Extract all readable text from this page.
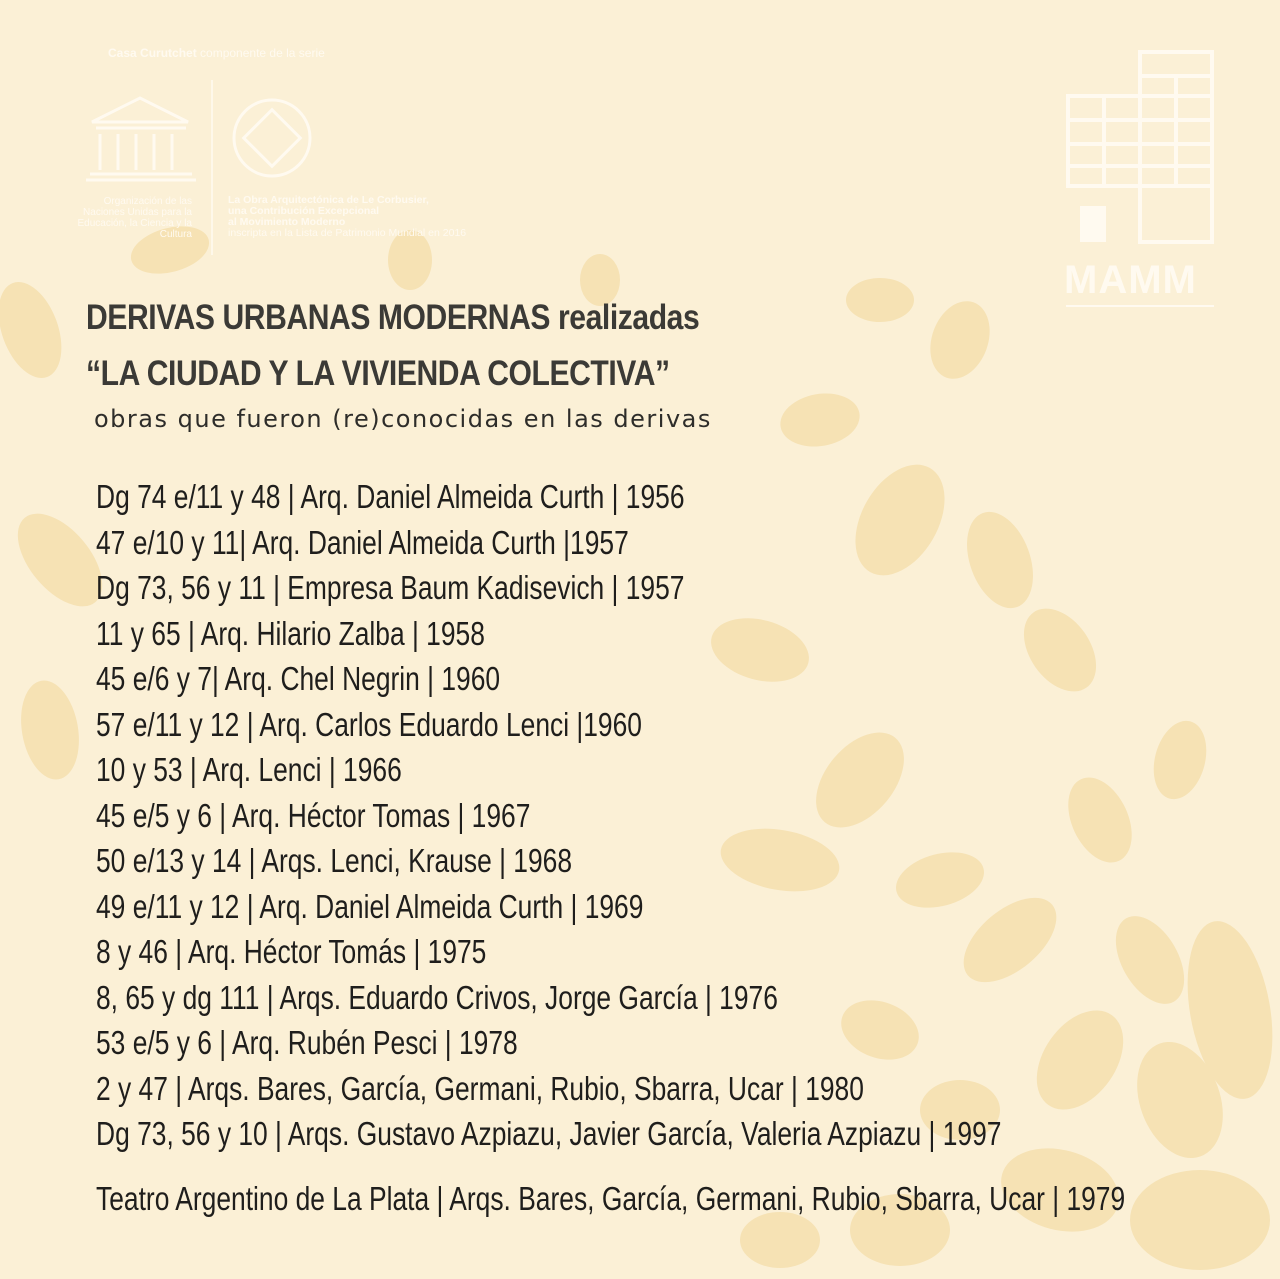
Casa Curutchet componente de la serie
Organización de las Naciones Unidas para la Educación, la Ciencia y la Cultura
La Obra Arquitectónica de Le Corbusier,
una Contribución Excepcional
al Movimiento Moderno
inscripta en la Lista de Patrimonio Mundial en 2016
MAMM
DERIVAS URBANAS MODERNAS realizadas
“LA CIUDAD Y LA VIVIENDA COLECTIVA”
obras que fueron (re)conocidas en las derivas
Dg 74 e/11 y 48 | Arq. Daniel Almeida Curth | 1956
47 e/10 y 11| Arq. Daniel Almeida Curth |1957
Dg 73, 56 y 11 | Empresa Baum Kadisevich | 1957
11 y 65 | Arq. Hilario Zalba | 1958
45 e/6 y 7| Arq. Chel Negrin | 1960
57 e/11 y 12 | Arq. Carlos Eduardo Lenci |1960
10 y 53 | Arq. Lenci | 1966
45 e/5 y 6 | Arq. Héctor Tomas | 1967
50 e/13 y 14 | Arqs. Lenci, Krause | 1968
49 e/11 y 12 | Arq. Daniel Almeida Curth | 1969
8 y 46 | Arq. Héctor Tomás | 1975
8, 65 y dg 111 | Arqs. Eduardo Crivos, Jorge García | 1976
53 e/5 y 6 | Arq. Rubén Pesci | 1978
2 y 47 | Arqs. Bares, García, Germani, Rubio, Sbarra, Ucar | 1980
Dg 73, 56 y 10 | Arqs. Gustavo Azpiazu, Javier García, Valeria Azpiazu | 1997
Teatro Argentino de La Plata | Arqs. Bares, García, Germani, Rubio, Sbarra, Ucar | 1979
